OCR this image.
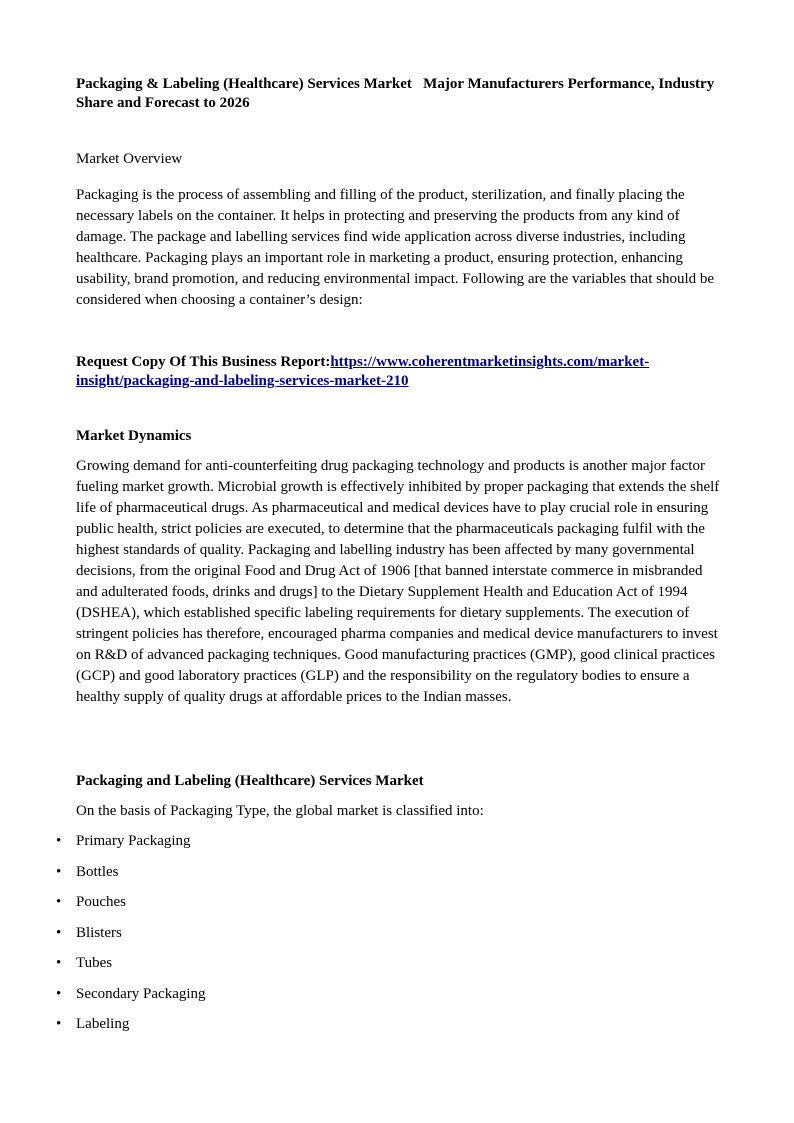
Packaging & Labeling (Healthcare) Services Market   Major Manufacturers Performance, Industry Share and Forecast to 2026

Market Overview

Packaging is the process of assembling and filling of the product, sterilization, and finally placing the necessary labels on the container. It helps in protecting and preserving the products from any kind of damage. The package and labelling services find wide application across diverse industries, including healthcare. Packaging plays an important role in marketing a product, ensuring protection, enhancing usability, brand promotion, and reducing environmental impact. Following are the variables that should be considered when choosing a container’s design:

Request Copy Of This Business Report:https://www.coherentmarketinsights.com/market-insight/packaging-and-labeling-services-market-210

Market Dynamics

Growing demand for anti-counterfeiting drug packaging technology and products is another major factor fueling market growth. Microbial growth is effectively inhibited by proper packaging that extends the shelf life of pharmaceutical drugs. As pharmaceutical and medical devices have to play crucial role in ensuring public health, strict policies are executed, to determine that the pharmaceuticals packaging fulfil with the highest standards of quality. Packaging and labelling industry has been affected by many governmental decisions, from the original Food and Drug Act of 1906 [that banned interstate commerce in misbranded and adulterated foods, drinks and drugs] to the Dietary Supplement Health and Education Act of 1994 (DSHEA), which established specific labeling requirements for dietary supplements. The execution of stringent policies has therefore, encouraged pharma companies and medical device manufacturers to invest on R&D of advanced packaging techniques. Good manufacturing practices (GMP), good clinical practices (GCP) and good laboratory practices (GLP) and the responsibility on the regulatory bodies to ensure a healthy supply of quality drugs at affordable prices to the Indian masses.

Packaging and Labeling (Healthcare) Services Market

On the basis of Packaging Type, the global market is classified into:

• Primary Packaging
• Bottles
• Pouches
• Blisters
• Tubes
• Secondary Packaging
• Labeling
